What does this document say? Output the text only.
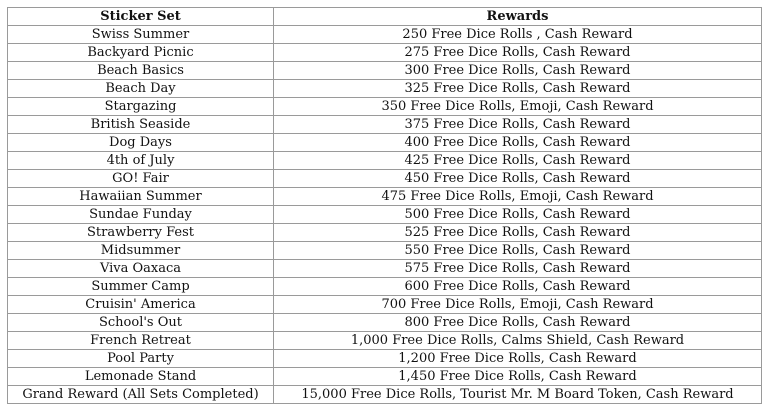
Sticker Set	Rewards
Swiss Summer	250 Free Dice Rolls , Cash Reward
Backyard Picnic	275 Free Dice Rolls, Cash Reward
Beach Basics	300 Free Dice Rolls, Cash Reward
Beach Day	325 Free Dice Rolls, Cash Reward
Stargazing	350 Free Dice Rolls, Emoji, Cash Reward
British Seaside	375 Free Dice Rolls, Cash Reward
Dog Days	400 Free Dice Rolls, Cash Reward
4th of July	425 Free Dice Rolls, Cash Reward
GO! Fair	450 Free Dice Rolls, Cash Reward
Hawaiian Summer	475 Free Dice Rolls, Emoji, Cash Reward
Sundae Funday	500 Free Dice Rolls, Cash Reward
Strawberry Fest	525 Free Dice Rolls, Cash Reward
Midsummer	550 Free Dice Rolls, Cash Reward
Viva Oaxaca	575 Free Dice Rolls, Cash Reward
Summer Camp	600 Free Dice Rolls, Cash Reward
Cruisin' America	700 Free Dice Rolls, Emoji, Cash Reward
School's Out	800 Free Dice Rolls, Cash Reward
French Retreat	1,000 Free Dice Rolls, Calms Shield, Cash Reward
Pool Party	1,200 Free Dice Rolls, Cash Reward
Lemonade Stand	1,450 Free Dice Rolls, Cash Reward
Grand Reward (All Sets Completed)	15,000 Free Dice Rolls, Tourist Mr. M Board Token, Cash Reward
